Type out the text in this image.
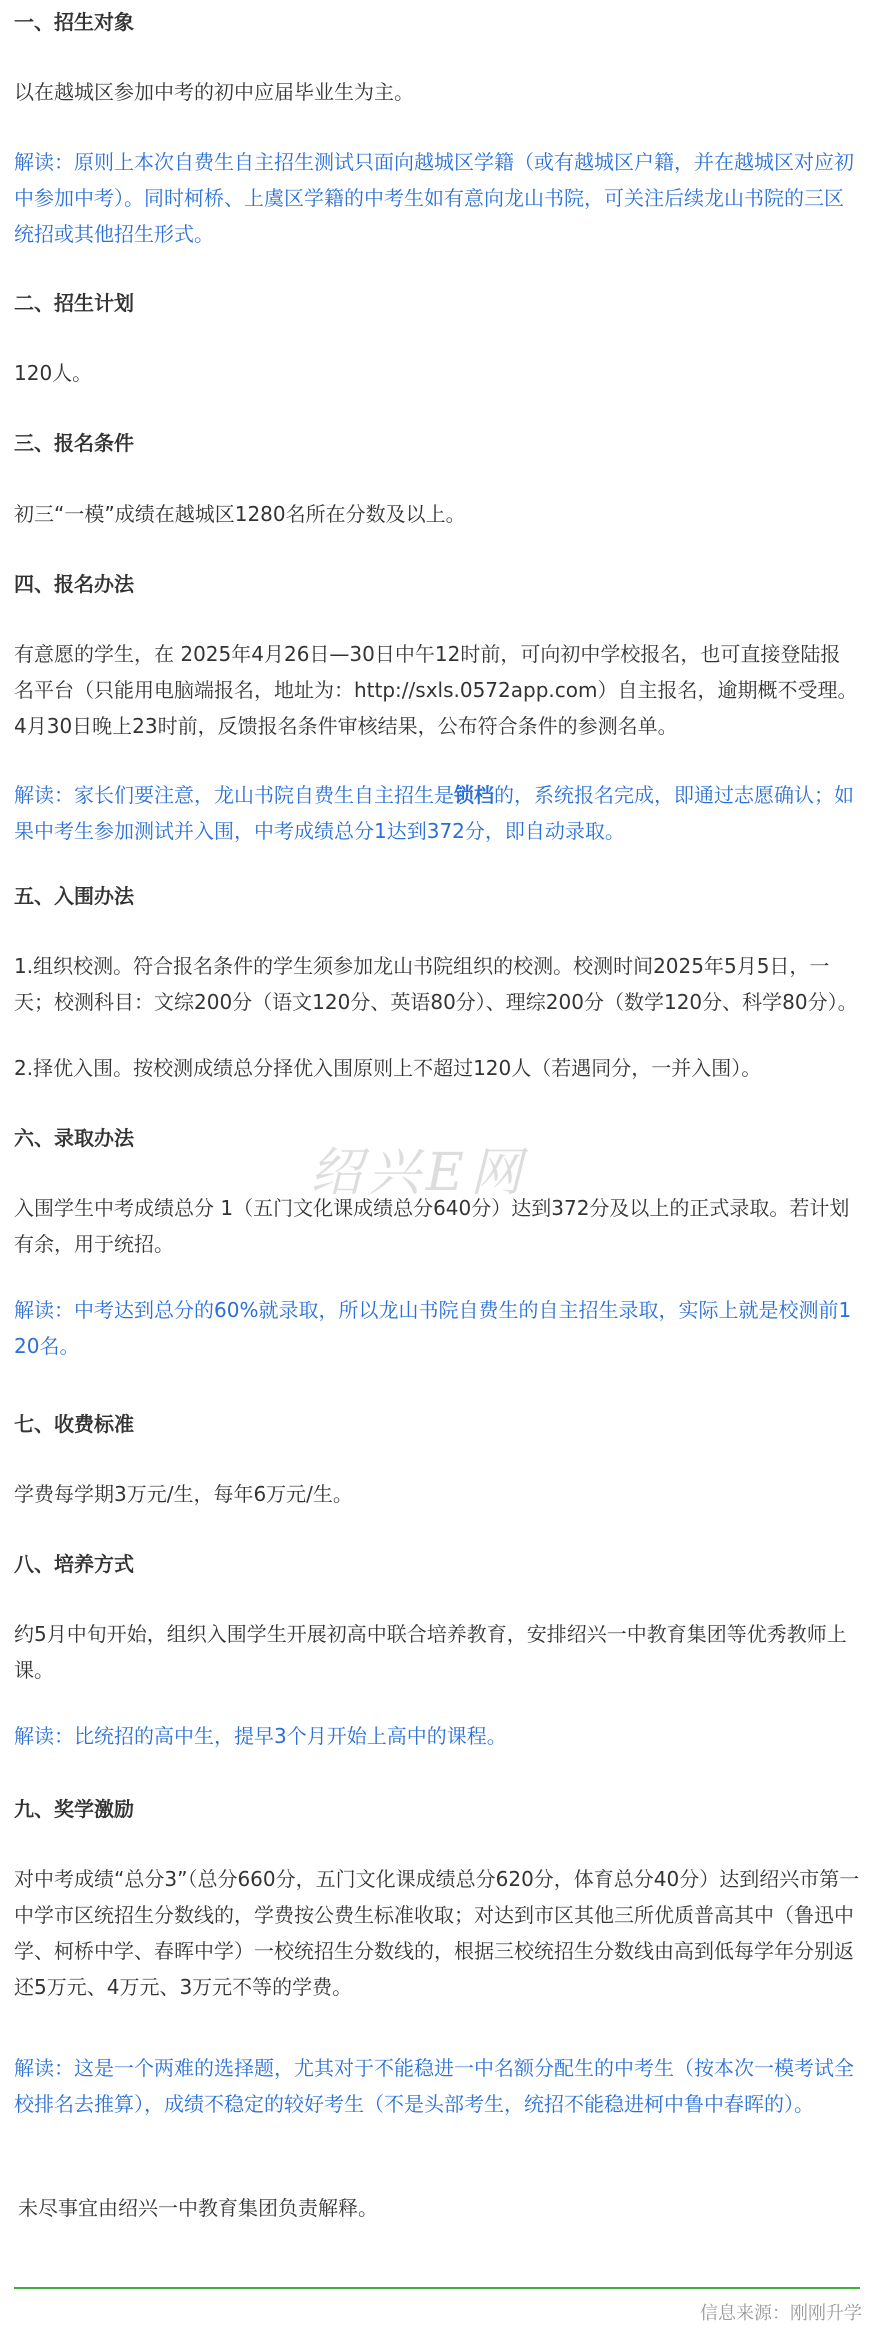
一、招生对象
以在越城区参加中考的初中应届毕业生为主。
解读：原则上本次自费生自主招生测试只面向越城区学籍（或有越城区户籍，并在越城区对应初中参加中考）。同时柯桥、上虞区学籍的中考生如有意向龙山书院，可关注后续龙山书院的三区统招或其他招生形式。
二、招生计划
120人。
三、报名条件
初三“一模”成绩在越城区1280名所在分数及以上。
四、报名办法
有意愿的学生，在 2025年4月26日—30日中午12时前，可向初中学校报名，也可直接登陆报名平台（只能用电脑端报名，地址为：http://sxls.0572app.com）自主报名，逾期概不受理。4月30日晚上23时前，反馈报名条件审核结果，公布符合条件的参测名单。
解读：家长们要注意，龙山书院自费生自主招生是锁档的，系统报名完成，即通过志愿确认；如果中考生参加测试并入围，中考成绩总分1达到372分，即自动录取。
五、入围办法
1.组织校测。符合报名条件的学生须参加龙山书院组织的校测。校测时间2025年5月5日，一天；校测科目：文综200分（语文120分、英语80分）、理综200分（数学120分、科学80分）。
2.择优入围。按校测成绩总分择优入围原则上不超过120人（若遇同分，一并入围）。
六、录取办法
入围学生中考成绩总分 1（五门文化课成绩总分640分）达到372分及以上的正式录取。若计划有余，用于统招。
解读：中考达到总分的60%就录取，所以龙山书院自费生的自主招生录取，实际上就是校测前120名。
七、收费标准
学费每学期3万元/生，每年6万元/生。
八、培养方式
约5月中旬开始，组织入围学生开展初高中联合培养教育，安排绍兴一中教育集团等优秀教师上课。
解读：比统招的高中生，提早3个月开始上高中的课程。
九、奖学激励
对中考成绩“总分3”（总分660分，五门文化课成绩总分620分，体育总分40分）达到绍兴市第一中学市区统招生分数线的，学费按公费生标准收取；对达到市区其他三所优质普高其中（鲁迅中学、柯桥中学、春晖中学）一校统招生分数线的，根据三校统招生分数线由高到低每学年分别返还5万元、4万元、3万元不等的学费。
解读：这是一个两难的选择题，尤其对于不能稳进一中名额分配生的中考生（按本次一模考试全校排名去推算），成绩不稳定的较好考生（不是头部考生，统招不能稳进柯中鲁中春晖的）。
未尽事宜由绍兴一中教育集团负责解释。
绍兴E网
信息来源：刚刚升学
